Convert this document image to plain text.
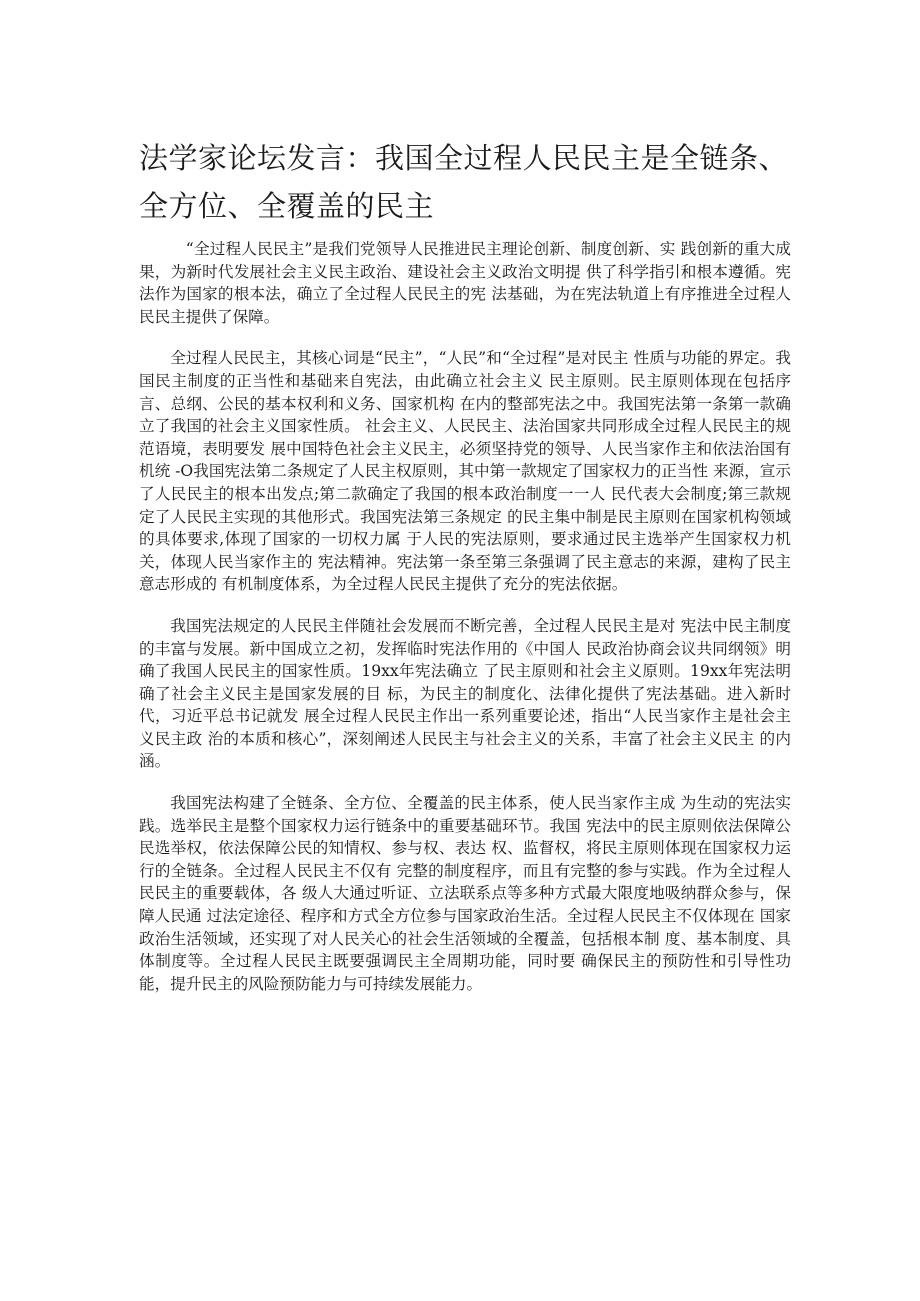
法学家论坛发言：我国全过程人民民主是全链条、全方位、全覆盖的民主

“全过程人民民主”是我们党领导人民推进民主理论创新、制度创新、实 践创新的重大成果，为新时代发展社会主义民主政治、建设社会主义政治文明提 供了科学指引和根本遵循。宪法作为国家的根本法，确立了全过程人民民主的宪 法基础，为在宪法轨道上有序推进全过程人民民主提供了保障。

全过程人民民主，其核心词是“民主”，“人民”和“全过程”是对民主 性质与功能的界定。我国民主制度的正当性和基础来自宪法，由此确立社会主义 民主原则。民主原则体现在包括序言、总纲、公民的基本权利和义务、国家机构 在内的整部宪法之中。我国宪法第一条第一款确立了我国的社会主义国家性质。 社会主义、人民民主、法治国家共同形成全过程人民民主的规范语境，表明要发 展中国特色社会主义民主，必须坚持党的领导、人民当家作主和依法治国有机统 -O我国宪法第二条规定了人民主权原则，其中第一款规定了国家权力的正当性 来源，宣示了人民民主的根本出发点;第二款确定了我国的根本政治制度一一人 民代表大会制度;第三款规定了人民民主实现的其他形式。我国宪法第三条规定 的民主集中制是民主原则在国家机构领域的具体要求,体现了国家的一切权力属 于人民的宪法原则，要求通过民主选举产生国家权力机关，体现人民当家作主的 宪法精神。宪法第一条至第三条强调了民主意志的来源，建构了民主意志形成的 有机制度体系，为全过程人民民主提供了充分的宪法依据。

我国宪法规定的人民民主伴随社会发展而不断完善，全过程人民民主是对 宪法中民主制度的丰富与发展。新中国成立之初，发挥临时宪法作用的《中国人 民政治协商会议共同纲领》明确了我国人民民主的国家性质。19xx年宪法确立 了民主原则和社会主义原则。19xx年宪法明确了社会主义民主是国家发展的目 标，为民主的制度化、法律化提供了宪法基础。进入新时代，习近平总书记就发 展全过程人民民主作出一系列重要论述，指出“人民当家作主是社会主义民主政 治的本质和核心”，深刻阐述人民民主与社会主义的关系，丰富了社会主义民主 的内涵。

我国宪法构建了全链条、全方位、全覆盖的民主体系，使人民当家作主成 为生动的宪法实践。选举民主是整个国家权力运行链条中的重要基础环节。我国 宪法中的民主原则依法保障公民选举权，依法保障公民的知情权、参与权、表达 权、监督权，将民主原则体现在国家权力运行的全链条。全过程人民民主不仅有 完整的制度程序，而且有完整的参与实践。作为全过程人民民主的重要载体，各 级人大通过听证、立法联系点等多种方式最大限度地吸纳群众参与，保障人民通 过法定途径、程序和方式全方位参与国家政治生活。全过程人民民主不仅体现在 国家政治生活领域，还实现了对人民关心的社会生活领域的全覆盖，包括根本制 度、基本制度、具体制度等。全过程人民民主既要强调民主全周期功能，同时要 确保民主的预防性和引导性功能，提升民主的风险预防能力与可持续发展能力。
